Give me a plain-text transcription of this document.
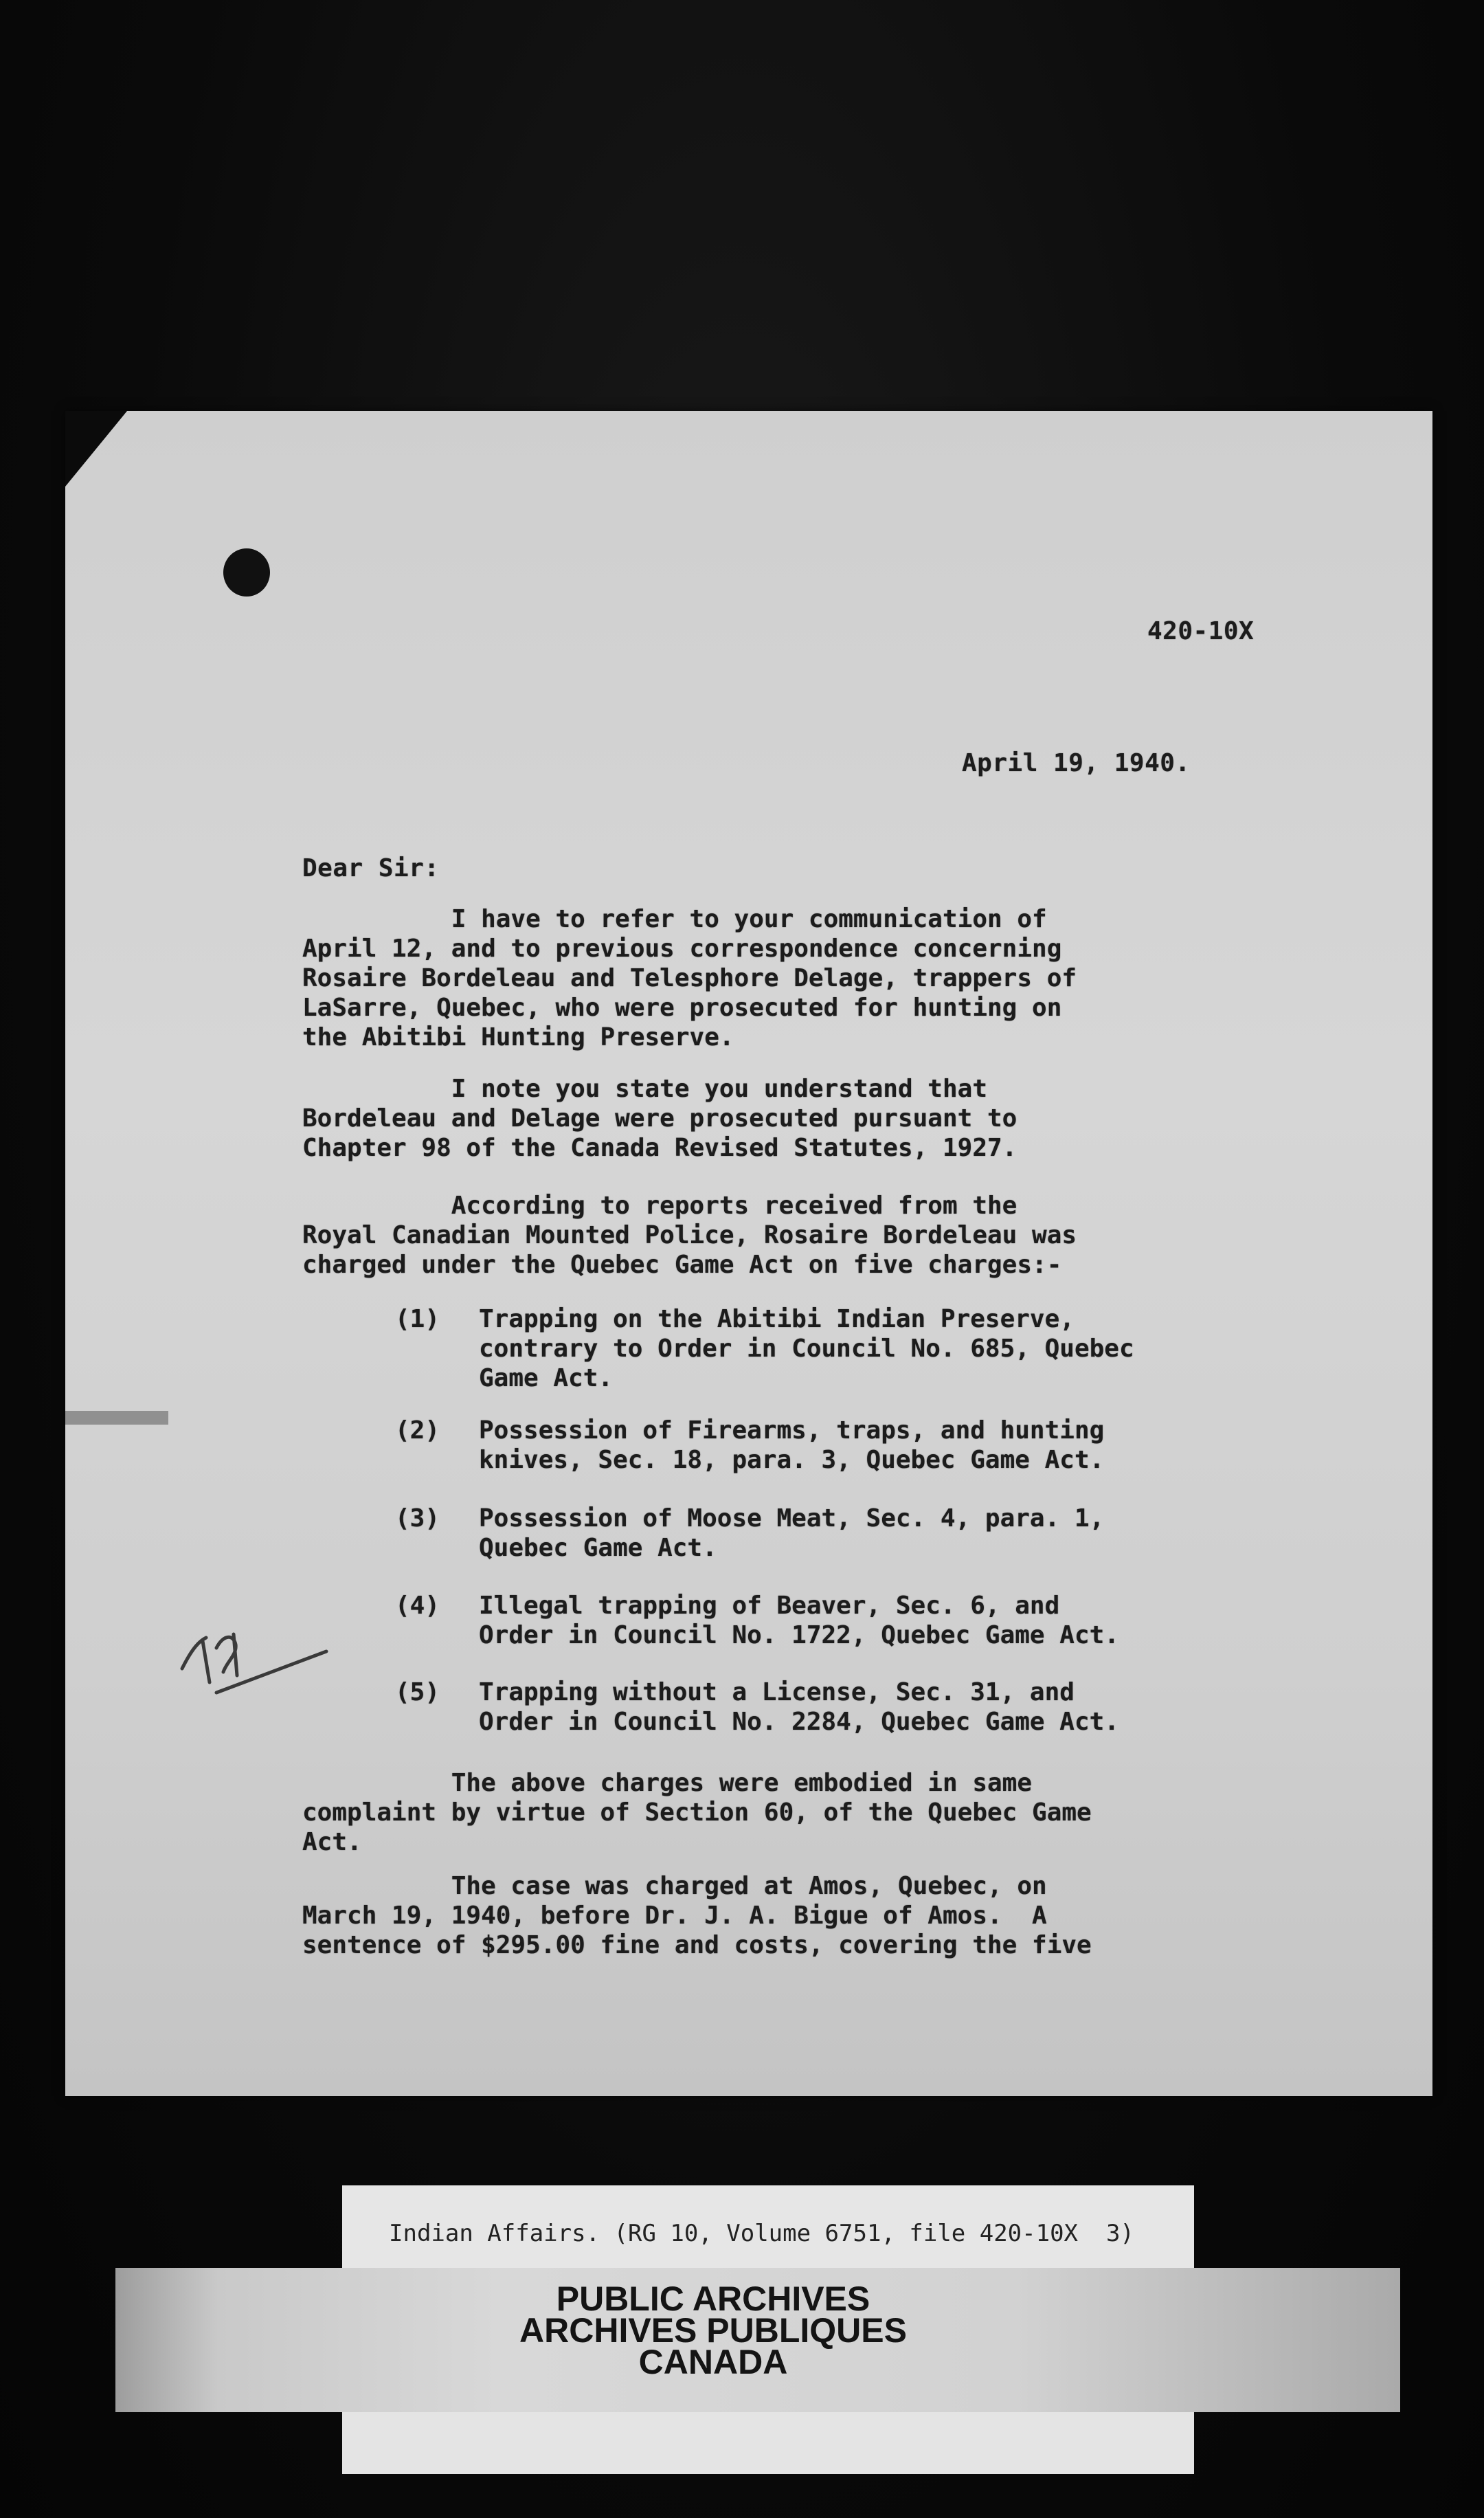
420-10X
April 19, 1940.
Dear Sir:

I have to refer to your communication of
April 12, and to previous correspondence concerning
Rosaire Bordeleau and Telesphore Delage, trappers of
LaSarre, Quebec, who were prosecuted for hunting on
the Abitibi Hunting Preserve.

I note you state you understand that
Bordeleau and Delage were prosecuted pursuant to
Chapter 98 of the Canada Revised Statutes, 1927.

According to reports received from the
Royal Canadian Mounted Police, Rosaire Bordeleau was
charged under the Quebec Game Act on five charges:-

(1)	Trapping on the Abitibi Indian Preserve,
contrary to Order in Council No. 685, Quebec
Game Act.

(2)	Possession of Firearms, traps, and hunting
knives, Sec. 18, para. 3, Quebec Game Act.

(3)	Possession of Moose Meat, Sec. 4, para. 1,
Quebec Game Act.

(4)	Illegal trapping of Beaver, Sec. 6, and
Order in Council No. 1722, Quebec Game Act.

(5)	Trapping without a License, Sec. 31, and
Order in Council No. 2284, Quebec Game Act.

The above charges were embodied in same
complaint by virtue of Section 60, of the Quebec Game
Act.

The case was charged at Amos, Quebec, on
March 19, 1940, before Dr. J. A. Bigue of Amos.  A
sentence of $295.00 fine and costs, covering the five

Indian Affairs. (RG 10, Volume 6751, file 420-10X  3)
PUBLIC ARCHIVES
ARCHIVES PUBLIQUES
CANADA
